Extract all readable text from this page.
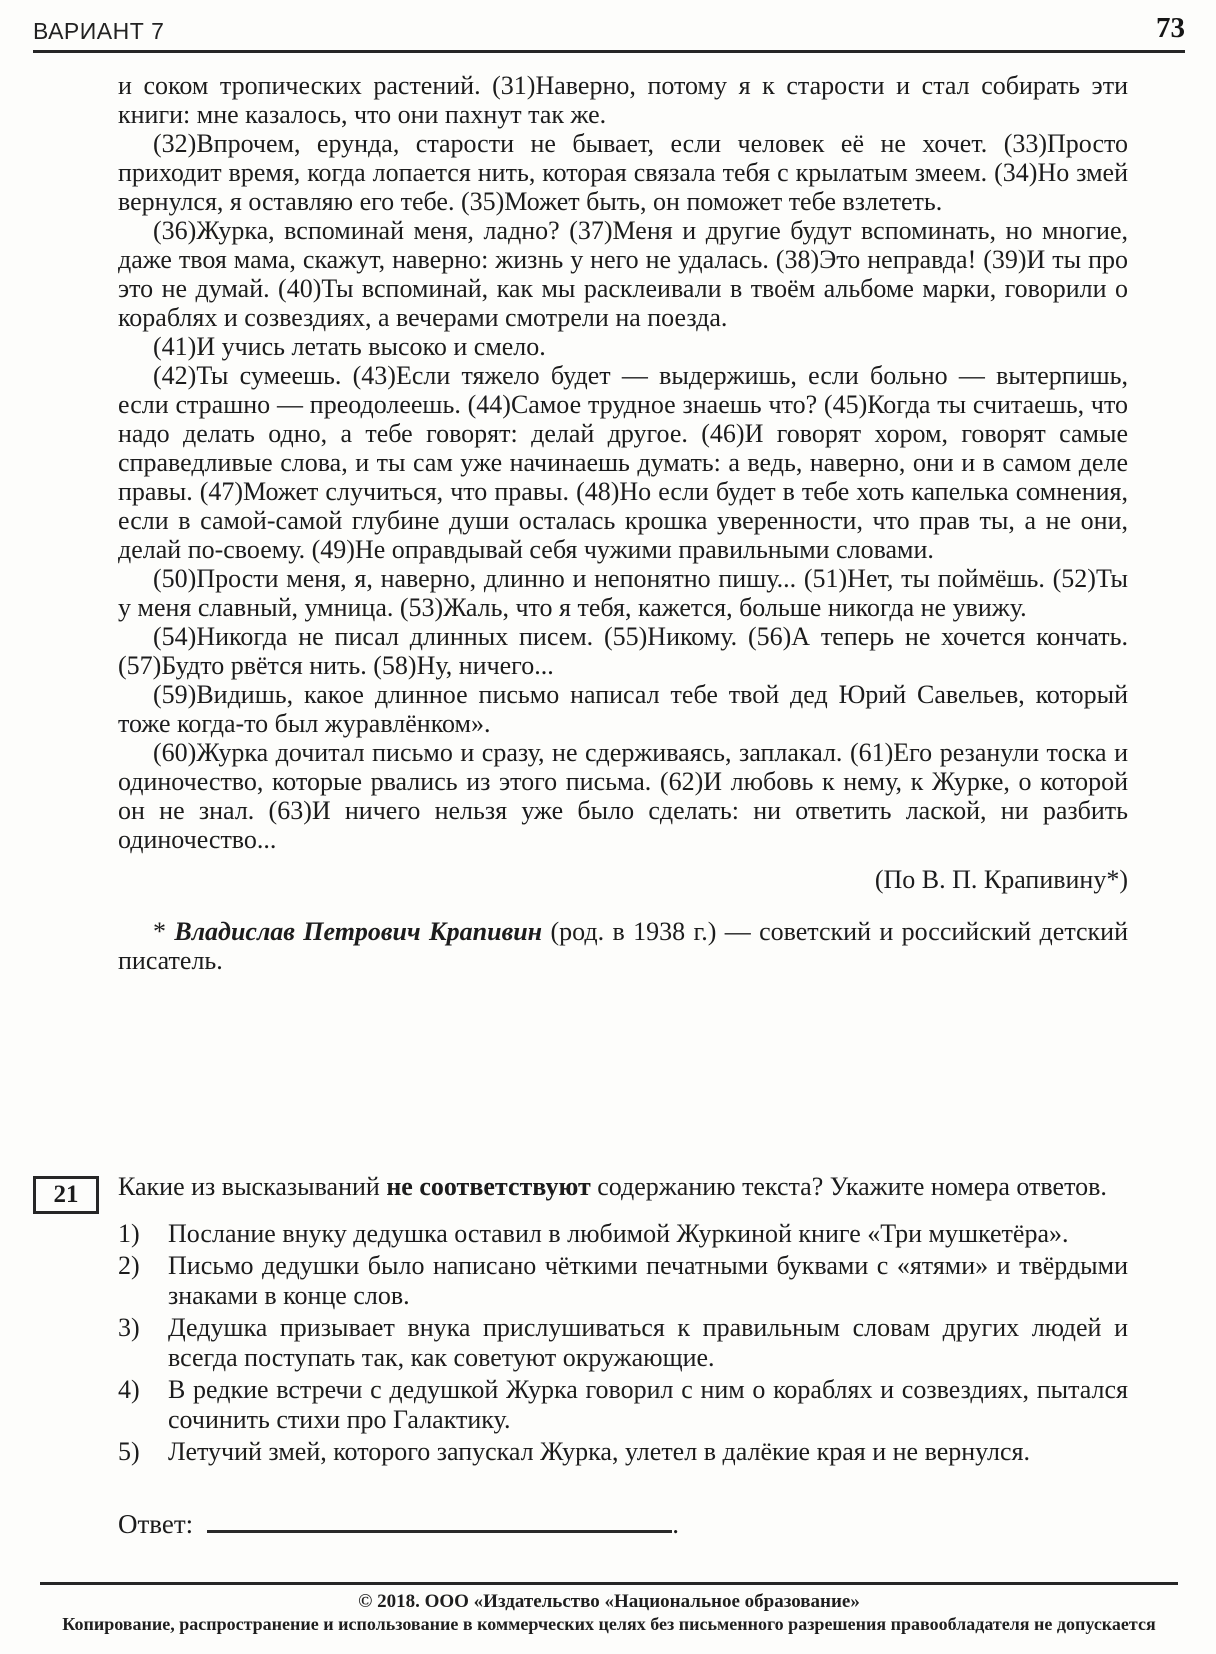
ВАРИАНТ 7	73

и соком тропических растений. (31)Наверно, потому я к старости и стал собирать эти книги: мне казалось, что они пахнут так же.

(32)Впрочем, ерунда, старости не бывает, если человек её не хочет. (33)Просто приходит время, когда лопается нить, которая связала тебя с крылатым змеем. (34)Но змей вернулся, я оставляю его тебе. (35)Может быть, он поможет тебе взлететь.

(36)Журка, вспоминай меня, ладно? (37)Меня и другие будут вспоминать, но многие, даже твоя мама, скажут, наверно: жизнь у него не удалась. (38)Это неправда! (39)И ты про это не думай. (40)Ты вспоминай, как мы расклеивали в твоём альбоме марки, говорили о кораблях и созвездиях, а вечерами смотрели на поезда.

(41)И учись летать высоко и смело.

(42)Ты сумеешь. (43)Если тяжело будет — выдержишь, если больно — вытерпишь, если страшно — преодолеешь. (44)Самое трудное знаешь что? (45)Когда ты считаешь, что надо делать одно, а тебе говорят: делай другое. (46)И говорят хором, говорят самые справедливые слова, и ты сам уже начинаешь думать: а ведь, наверно, они и в самом деле правы. (47)Может случиться, что правы. (48)Но если будет в тебе хоть капелька сомнения, если в самой-самой глубине души осталась крошка уверенности, что прав ты, а не они, делай по-своему. (49)Не оправдывай себя чужими правильными словами.

(50)Прости меня, я, наверно, длинно и непонятно пишу... (51)Нет, ты поймёшь. (52)Ты у меня славный, умница. (53)Жаль, что я тебя, кажется, больше никогда не увижу.

(54)Никогда не писал длинных писем. (55)Никому. (56)А теперь не хочется кончать. (57)Будто рвётся нить. (58)Ну, ничего...

(59)Видишь, какое длинное письмо написал тебе твой дед Юрий Савельев, который тоже когда-то был журавлёнком».

(60)Журка дочитал письмо и сразу, не сдерживаясь, заплакал. (61)Его резанули тоска и одиночество, которые рвались из этого письма. (62)И любовь к нему, к Журке, о которой он не знал. (63)И ничего нельзя уже было сделать: ни ответить лаской, ни разбить одиночество...

(По В. П. Крапивину*)

* Владислав Петрович Крапивин (род. в 1938 г.) — советский и российский детский писатель.

21 Какие из высказываний не соответствуют содержанию текста? Укажите номера ответов.

1)	Послание внуку дедушка оставил в любимой Журкиной книге «Три мушкетёра».
2)	Письмо дедушки было написано чёткими печатными буквами с «ятями» и твёрдыми знаками в конце слов.
3)	Дедушка призывает внука прислушиваться к правильным словам других людей и всегда поступать так, как советуют окружающие.
4)	В редкие встречи с дедушкой Журка говорил с ним о кораблях и созвездиях, пытался сочинить стихи про Галактику.
5)	Летучий змей, которого запускал Журка, улетел в далёкие края и не вернулся.
Ответ:	.
© 2018. ООО «Издательство «Национальное образование»
Копирование, распространение и использование в коммерческих целях без письменного разрешения правообладателя не допускается
